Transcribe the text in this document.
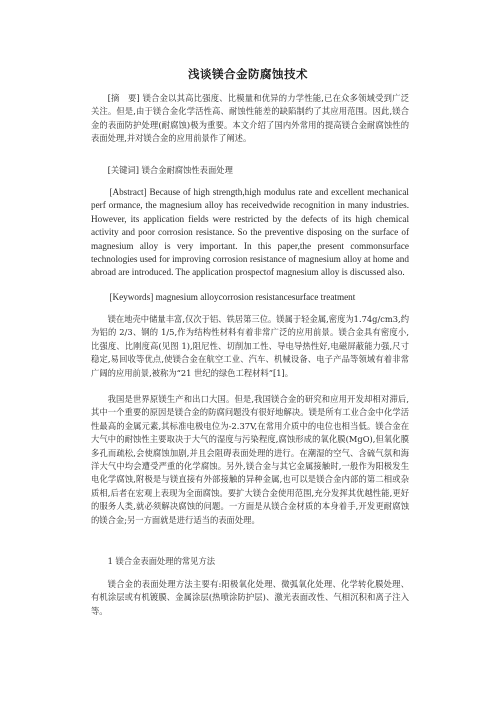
浅谈镁合金防腐蚀技术

[摘　要] 镁合金以其高比强度、比模量和优异的力学性能,已在众多领域受到广泛关注。但是,由于镁合金化学活性高、耐蚀性能差的缺陷制约了其应用范围。因此,镁合金的表面防护处理(耐腐蚀)极为重要。本文介绍了国内外常用的提高镁合金耐腐蚀性的表面处理,并对镁合金的应用前景作了阐述。

[关键词] 镁合金耐腐蚀性表面处理

[Abstract] Because of high strength,high modulus rate and excellent mechanical perf ormance, the magnesium alloy has receivedwide recognition in many industries. However, its application fields were restricted by the defects of its high chemical activity and poor corrosion resistance. So the preventive disposing on the surface of magnesium alloy is very important. In this paper,the present commonsurface technologies used for improving corrosion resistance of magnesium alloy at home and abroad are introduced. The application prospectof magnesium alloy is discussed also.

[Keywords] magnesium alloycorrosion resistancesurface treatment

镁在地壳中储量丰富,仅次于铝、铁居第三位。镁属于轻金属,密度为1.74g/cm3,约为铝的 2/3、钢的 1/5,作为结构性材料有着非常广泛的应用前景。镁合金具有密度小,比强度、比刚度高(见图 1),阻尼性、切削加工性、导电导热性好,电磁屏蔽能力强,尺寸稳定,易回收等优点,使镁合金在航空工业、汽车、机械设备、电子产品等领域有着非常广阔的应用前景,被称为“21 世纪的绿色工程材料”[1]。

我国是世界原镁生产和出口大国。但是,我国镁合金的研究和应用开发却相对滞后,其中一个重要的原因是镁合金的防腐问题没有很好地解决。镁是所有工业合金中化学活性最高的金属元素,其标准电极电位为-2.37V,在常用介质中的电位也相当低。镁合金在大气中的耐蚀性主要取决于大气的湿度与污染程度,腐蚀形成的氧化膜(MgO),但氧化膜多孔而疏松,会使腐蚀加剧,并且会阻碍表面处理的进行。在潮湿的空气、含硫气氛和海洋大气中均会遭受严重的化学腐蚀。另外,镁合金与其它金属接触时,一般作为阳极发生电化学腐蚀,附极是与镁直接有外部接触的异种金属,也可以是镁合金内部的第二相或杂质相,后者在宏观上表现为全面腐蚀。要扩大镁合金使用范围,充分发挥其优越性能,更好的服务人类,就必须解决腐蚀的问题。一方面是从镁合金材质的本身着手,开发更耐腐蚀的镁合金;另一方面就是进行适当的表面处理。

1 镁合金表面处理的常见方法

镁合金的表面处理方法主要有:阳极氧化处理、微弧氧化处理、化学转化膜处理、有机涂层或有机镀膜、金属涂层(热喷涂防护层)、激光表面改性、气相沉积和离子注入等。
